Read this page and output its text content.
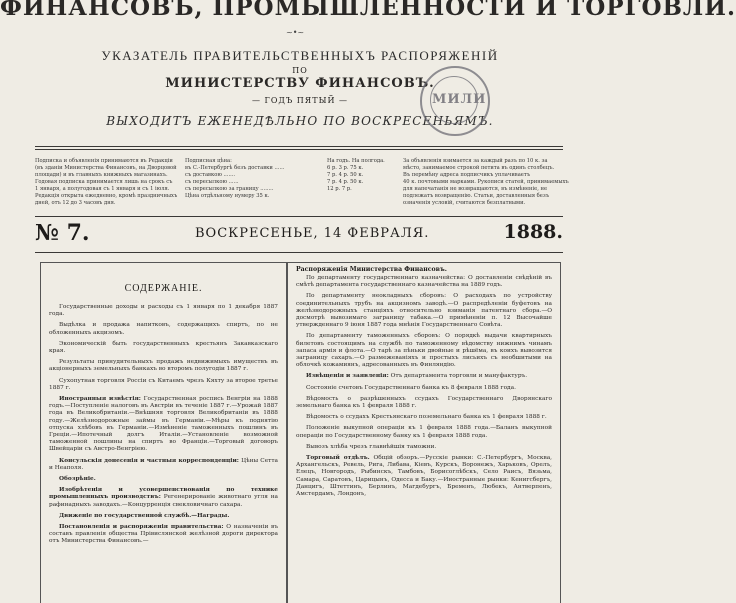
ФИНАНСОВЪ, ПРОМЫШЛЕННОСТИ И ТОРГОВЛИ.
~•~
УКАЗАТЕЛЬ ПРАВИТЕЛЬСТВЕННЫХЪ РАСПОРЯЖЕНІЙ
ПО
МИНИСТЕРСТВУ ФИНАНСОВЪ.
— ГОДЪ ПЯТЫЙ —
ВЫХОДИТЪ ЕЖЕНЕДѢЛЬНО ПО ВОСКРЕСЕНЬЯМЪ.
МИЛИ

Подписка и объявленія принимаются въ Редакціи

(въ зданіи Министерства Финансовъ, на Дворцовой

площади) и въ главныхъ книжныхъ магазинахъ.

Годовая подписка принимается лишь на срокъ съ

1 января, а полугодовая съ 1 января и съ 1 іюля.

Редакція открыта ежедневно, кромѣ праздничныхъ

дней, отъ 12 до 3 часовъ дня.

Подписная цѣна:

въ С.-Петербургѣ безъ доставки ......

съ доставкою .......

съ пересылкою ......

съ пересылкою за границу ........

Цѣна отдѣльному нумеру 35 к.

На годъ. На полгода.

6 р. 3 р. 75 к.

7 р. 4 р. 50 к.

7 р. 4 р. 50 к.

12 р. 7 р.

За объявленія взимается за каждый разъ по 10 к. за

мѣсто, занимаемое строкой петита въ одинъ столбецъ.

Въ перемѣну адреса подписчикъ уплачиваетъ

40 к. почтовыми марками. Рукописи статей, принимаемыхъ

для напечатанія не возвращаются, въ измѣненіе, не

подлежатъ возвращенію. Статьи, доставленныя безъ

означенія условій, считаются безплатными.

№ 7.	ВОСКРЕСЕНЬЕ, 14 ФЕВРАЛЯ.	1888.
СОДЕРЖАНІЕ.

Государственные доходы и расходы съ 1 января по 1 декабря 1887 года.

Выдѣлка и продажа напитковъ, содержащихъ спиртъ, по не обложенныхъ акцизомъ.

Экономическій быть государственныхъ крестьянъ Закавказскаго края.

Результаты принудительныхъ продажъ недвижимыхъ имуществъ въ акціонерныхъ земельныхъ банкахъ во второмъ полугодіи 1887 г.

Сухопутная торговля Россіи съ Китаемъ чрезъ Кяхту за второе третье 1887 г.

Иностранныя извѣстія: Государственная роспись Венгріи на 1888 годъ.—Поступленіе налоговъ въ Австріи въ теченіе 1887 г.—Урожай 1887 года въ Великобританіи.—Внѣшняя торговля Великобританіи въ 1888 году.—Желѣзнодорожные займы въ Германіи.—Мѣры къ поднятію отпуска хлѣбовъ въ Германіи.—Измѣненіе таможенныхъ пошлинъ въ Греціи.—Ипотечный долгъ Италіи.—Установленіе возможной таможенной пошлины на спиртъ во Франціи.—Торговый договоръ Швейцаріи съ Австро-Венгріею.

Консульскія донесенія и частныя корреспонденціи: Цѣны Сетта и Неаполя.

Обозрѣніе.

Изобрѣтенія и усовершенствованія по технике промышленныхъ производствъ: Регенерированіе животнаго угля на рафинадныхъ заводахъ.—Концурренція свекловичнаго сахара.

Движеніе по государственной службѣ.—Награды.

Постановленія и распоряженія правительства: О назначеніи въ составъ правленія общества Прівислянской желѣзной дороги директора отъ Министерства Финансовъ.—

Распоряженія Министерства Финансовъ.

По департаменту государственнаго казначейства: О доставленіи свѣдѣній въ смѣтѣ департамента государственнаго казначейства на 1889 годъ.

По департаменту неокладныхъ сборовъ: О расходахъ по устройству соединительныхъ трубъ на акцизномъ заводѣ.—О распредѣленіи буфетовъ на желѣзнодорожныхъ станціяхъ относительно взиманія патентнаго сбора.—О досмотрѣ вывозимаго заграницу табака.—О примѣненіи п. 12 Высочайше утвержденнаго 9 іюня 1887 года мнѣнія Государственнаго Совѣта.

По департаменту таможенныхъ сборовъ: О порядкѣ выдачи квартирныхъ билетовъ состоящимъ на службѣ по таможенному вѣдомству нижнимъ чинамъ запаса армія и флота.—О тарѣ за пѣньки двойные и рѣшёма, въ коихъ вывозится заграницу сахаръ.—О размежеваніяхъ и простыхъ лисьихъ съ необшитыми на облочкѣ кожамиянъ, адресованныхъ въ Финляндію.

Извѣщенія и заявленія: Отъ департамента торговли и мануфактуръ.

Состояніе счетовъ Государственнаго банка къ 8 февраля 1888 года.

Вѣдомость о разрѣшенныхъ ссудахъ Государственнаго Дворянскаго земельнаго банка къ 1 февраля 1888 г.

Вѣдомость о ссудахъ Крестьянскаго поземельнаго банка къ 1 февраля 1888 г.

Положеніе выкупной операціи къ 1 февраля 1888 года.—Баланъ выкупной операціи по Государственному банку къ 1 февраля 1888 года.

Вывозъ хлѣба чрезъ главнѣйшія таможни.

Торговый отдѣлъ. Общій обзоръ.—Русскіе рынки: С.-Петербургъ, Москва, Архангельскъ, Ревель, Рига, Либава, Кіевъ, Курскъ, Воронежъ, Харьковъ, Орелъ, Елецъ, Новгородъ, Рыбинскъ, Тамбовъ, Борисоглѣбскъ, Село Раисъ, Вязьма, Самара, Саратовъ, Царицынъ, Одесса и Баку.—Иностранные рынки: Кенигсбергъ, Данцигъ, Штеттинъ, Берлинъ, Магдебургъ, Бременъ, Любекъ, Антверпенъ, Амстердамъ, Лондонъ,
